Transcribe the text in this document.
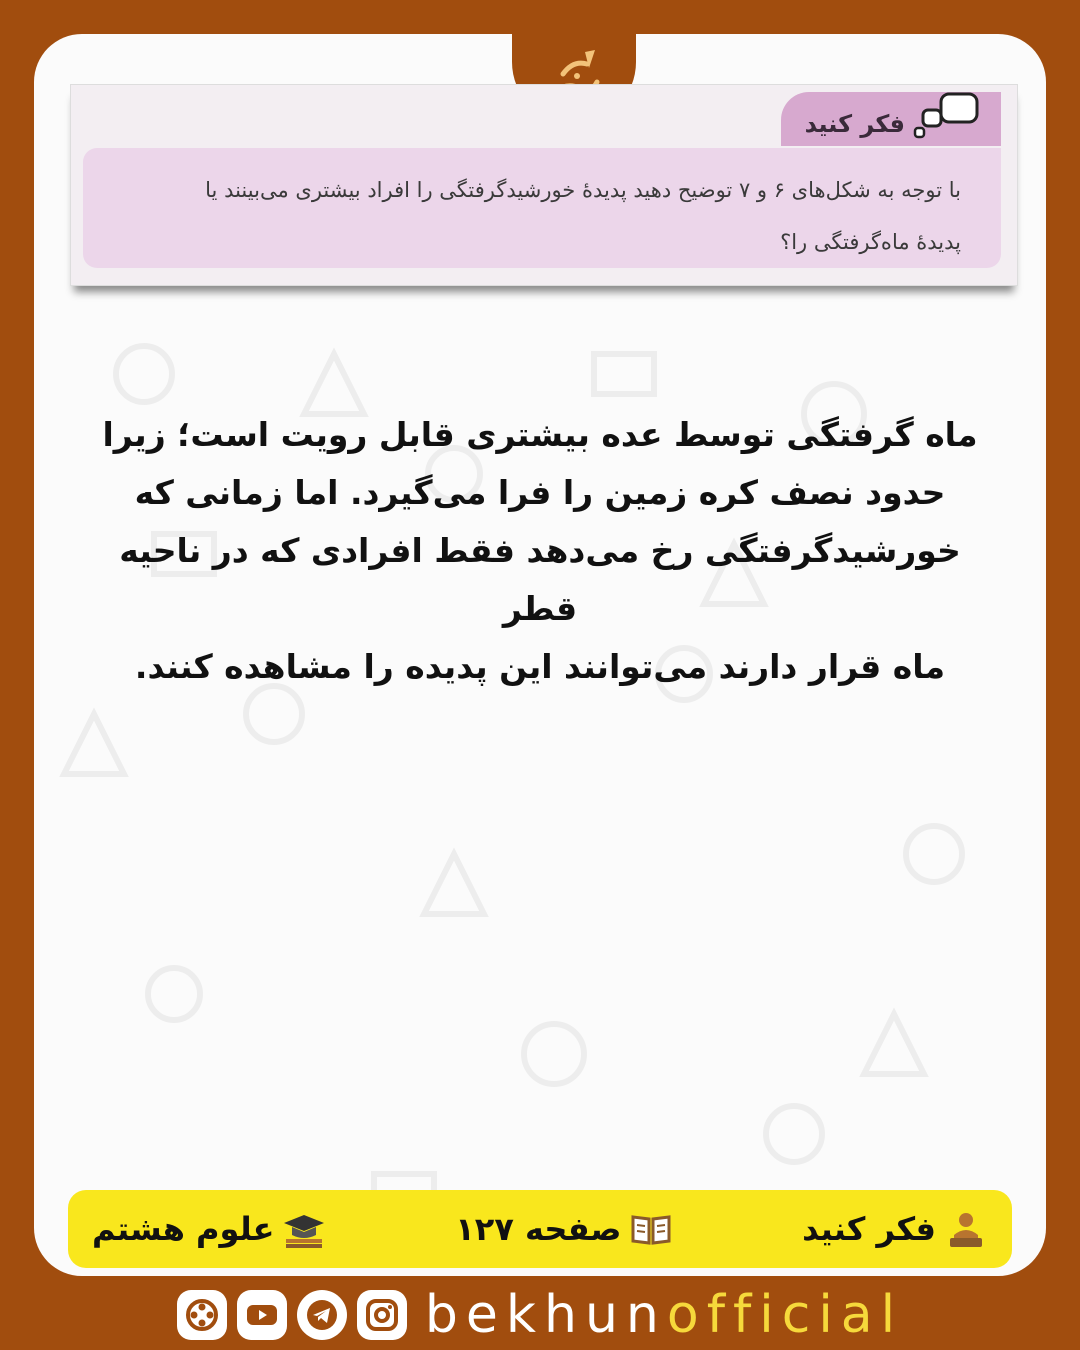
ماه گرفتگی توسط عده بیشتری قابل رویت است؛ زیرا
حدود نصف کره زمین را فرا می‌گیرد. اما زمانی که
خورشیدگرفتگی رخ می‌دهد فقط افرادی که در ناحیه قطر
ماه قرار دارند می‌توانند این پدیده را مشاهده کنند.
فکر کنید
با توجه به شکل‌های ۶ و ۷ توضیح دهید پدیدهٔ خورشیدگرفتگی را افراد بیشتری می‌بینند یا
پدیدهٔ ماه‌گرفتگی را؟
فکر کنید
صفحه ۱۲۷
علوم هشتم
bekhunofficial
